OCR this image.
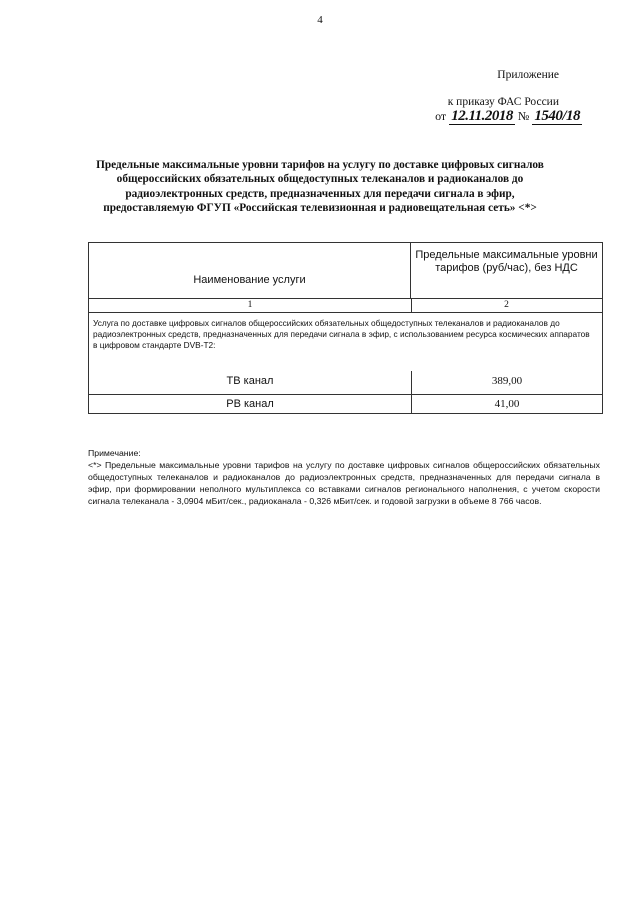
4
Приложение
к приказу ФАС России
от 12.11.2018 № 1540/18
Предельные максимальные уровни тарифов на услугу по доставке цифровых сигналов общероссийских обязательных общедоступных телеканалов и радиоканалов до радиоэлектронных средств, предназначенных для передачи сигнала в эфир, предоставляемую ФГУП «Российская телевизионная и радиовещательная сеть» <*>
Наименование услуги
Предельные максимальные уровни тарифов (руб/час), без НДС
1	2
Услуга по доставке цифровых сигналов общероссийских обязательных общедоступных телеканалов и радиоканалов до радиоэлектронных средств, предназначенных для передачи сигнала в эфир, с использованием ресурса космических аппаратов в цифровом стандарте DVB-T2:
ТВ канал	389,00
РВ канал	41,00
Примечание:
<*> Предельные максимальные уровни тарифов на услугу по доставке цифровых сигналов общероссийских обязательных общедоступных телеканалов и радиоканалов до радиоэлектронных средств, предназначенных для передачи сигнала в эфир, при формировании неполного мультиплекса со вставками сигналов регионального наполнения, с учетом скорости сигнала телеканала - 3,0904 мБит/сек., радиоканала - 0,326 мБит/сек. и годовой загрузки в объеме 8 766 часов.
